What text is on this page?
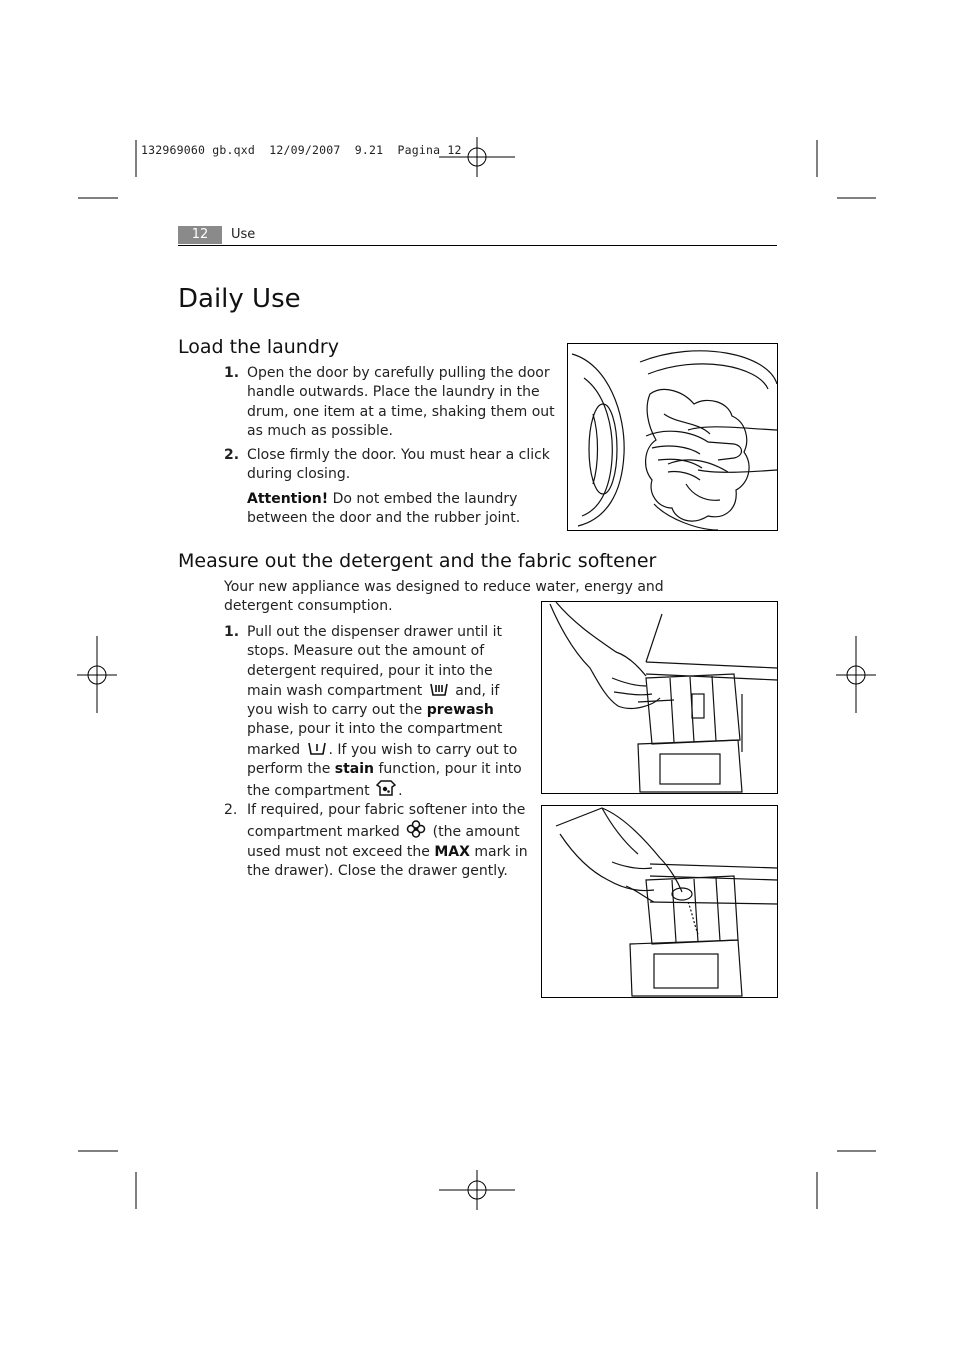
132969060 gb.qxd  12/09/2007  9.21  Pagina 12
12	Use
Daily Use
Load the laundry
1. Open the door by carefully pulling the door handle outwards. Place the laundry in the drum, one item at a time, shaking them out as much as possible.
2. Close firmly the door. You must hear a click during closing.
Attention! Do not embed the laundry between the door and the rubber joint.
Measure out the detergent and the fabric softener
Your new appliance was designed to reduce water, energy and detergent consumption.
1. Pull out the dispenser drawer until it stops. Measure out the amount of detergent required, pour it into the main wash compartment  and, if you wish to carry out the prewash phase, pour it into the compartment marked . If you wish to carry out to perform the stain function, pour it into the compartment .
2. If required, pour fabric softener into the compartment marked  (the amount used must not exceed the MAX mark in the drawer). Close the drawer gently.
